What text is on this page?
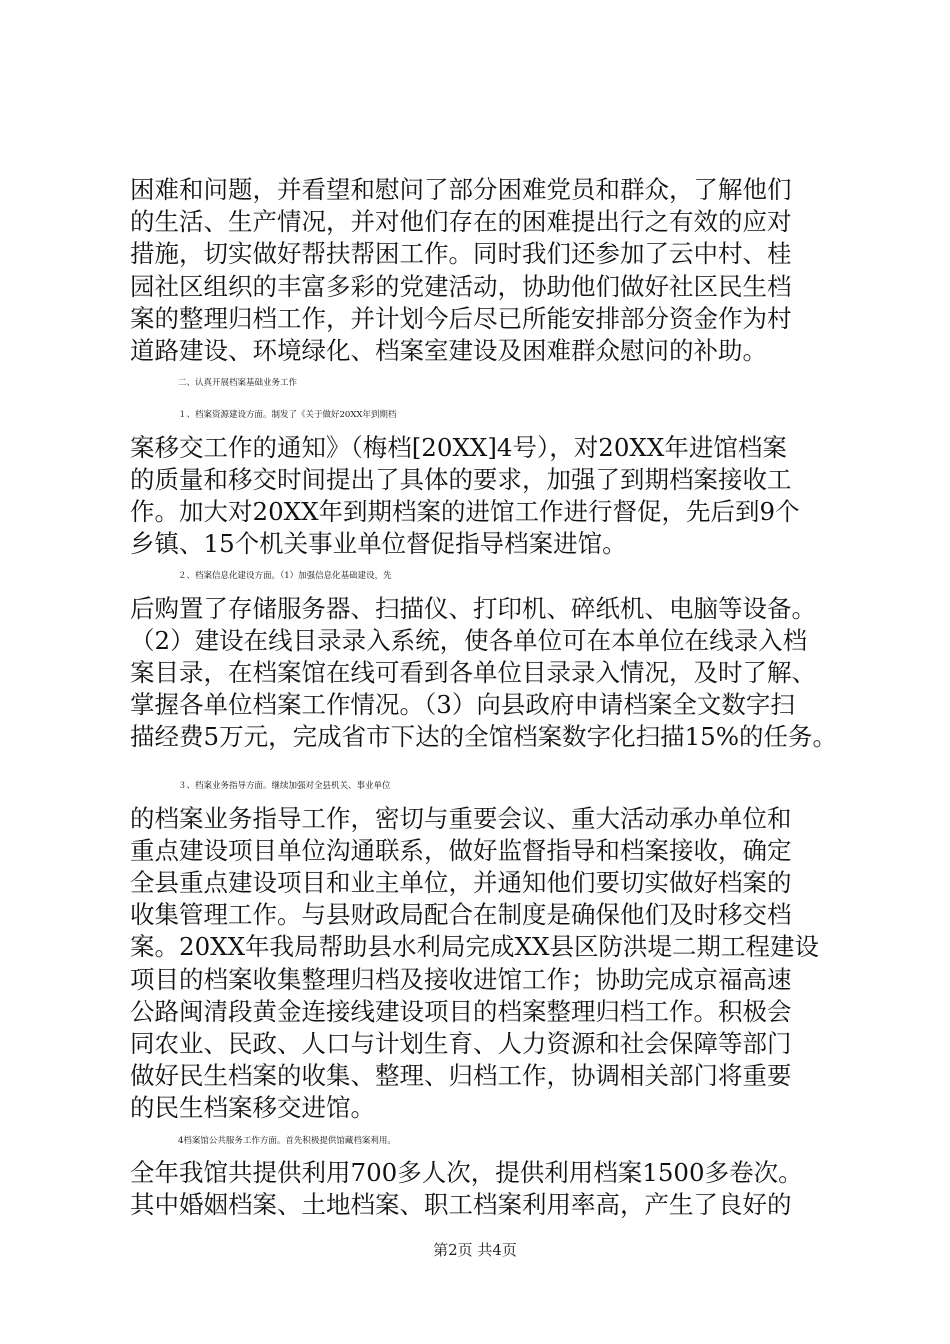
困难和问题，并看望和慰问了部分困难党员和群众，了解他们
的生活、生产情况，并对他们存在的困难提出行之有效的应对
措施，切实做好帮扶帮困工作。同时我们还参加了云中村、桂
园社区组织的丰富多彩的党建活动，协助他们做好社区民生档
案的整理归档工作，并计划今后尽已所能安排部分资金作为村
道路建设、环境绿化、档案室建设及困难群众慰问的补助。
二、认真开展档案基础业务工作
１、档案资源建设方面。制发了《关于做好20XX年到期档
案移交工作的通知》（梅档[20XX]4号），对20XX年进馆档案
的质量和移交时间提出了具体的要求，加强了到期档案接收工
作。加大对20XX年到期档案的进馆工作进行督促，先后到9个
乡镇、15个机关事业单位督促指导档案进馆。
２、档案信息化建设方面。（1）加强信息化基础建设，先
后购置了存储服务器、扫描仪、打印机、碎纸机、电脑等设备。
（2）建设在线目录录入系统，使各单位可在本单位在线录入档
案目录，在档案馆在线可看到各单位目录录入情况，及时了解、
掌握各单位档案工作情况。（3）向县政府申请档案全文数字扫
描经费5万元，完成省市下达的全馆档案数字化扫描15%的任务。
３、档案业务指导方面。继续加强对全县机关、事业单位
的档案业务指导工作，密切与重要会议、重大活动承办单位和
重点建设项目单位沟通联系，做好监督指导和档案接收，确定
全县重点建设项目和业主单位，并通知他们要切实做好档案的
收集管理工作。与县财政局配合在制度是确保他们及时移交档
案。20XX年我局帮助县水利局完成XX县区防洪堤二期工程建设
项目的档案收集整理归档及接收进馆工作；协助完成京福高速
公路闽清段黄金连接线建设项目的档案整理归档工作。积极会
同农业、民政、人口与计划生育、人力资源和社会保障等部门
做好民生档案的收集、整理、归档工作，协调相关部门将重要
的民生档案移交进馆。
4档案馆公共服务工作方面。首先积极提供馆藏档案利用。
全年我馆共提供利用700多人次，提供利用档案1500多卷次。
其中婚姻档案、土地档案、职工档案利用率高，产生了良好的
第2页 共4页
